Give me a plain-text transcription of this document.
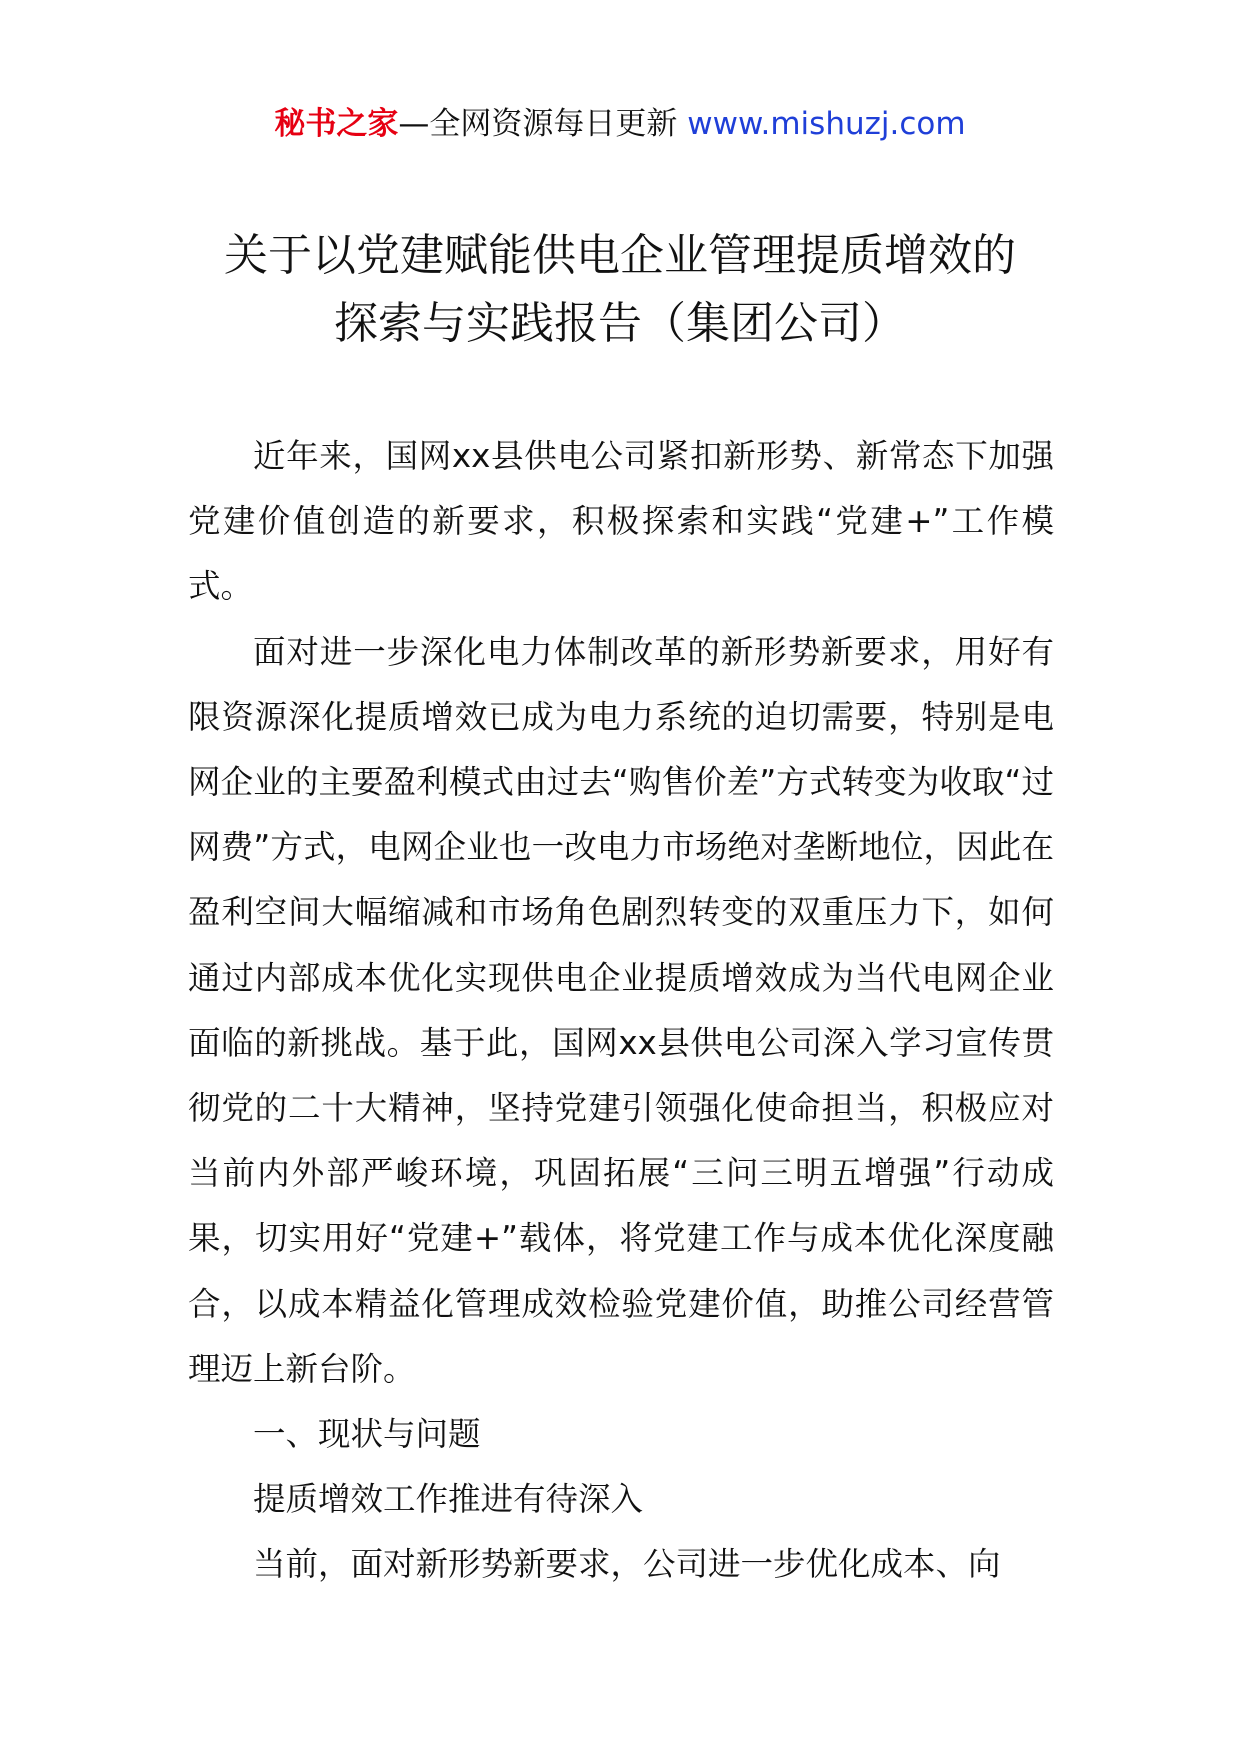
秘书之家—全网资源每日更新 www.mishuzj.com
关于以党建赋能供电企业管理提质增效的
探索与实践报告（集团公司）

近年来，国网xx县供电公司紧扣新形势、新常态下加强党建价值创造的新要求，积极探索和实践“党建+”工作模式。

面对进一步深化电力体制改革的新形势新要求，用好有限资源深化提质增效已成为电力系统的迫切需要，特别是电网企业的主要盈利模式由过去“购售价差”方式转变为收取“过网费”方式，电网企业也一改电力市场绝对垄断地位，因此在盈利空间大幅缩减和市场角色剧烈转变的双重压力下，如何通过内部成本优化实现供电企业提质增效成为当代电网企业面临的新挑战。基于此，国网xx县供电公司深入学习宣传贯彻党的二十大精神，坚持党建引领强化使命担当，积极应对当前内外部严峻环境，巩固拓展“三问三明五增强”行动成果，切实用好“党建+”载体，将党建工作与成本优化深度融合，以成本精益化管理成效检验党建价值，助推公司经营管理迈上新台阶。

一、现状与问题

提质增效工作推进有待深入

当前，面对新形势新要求，公司进一步优化成本、向
